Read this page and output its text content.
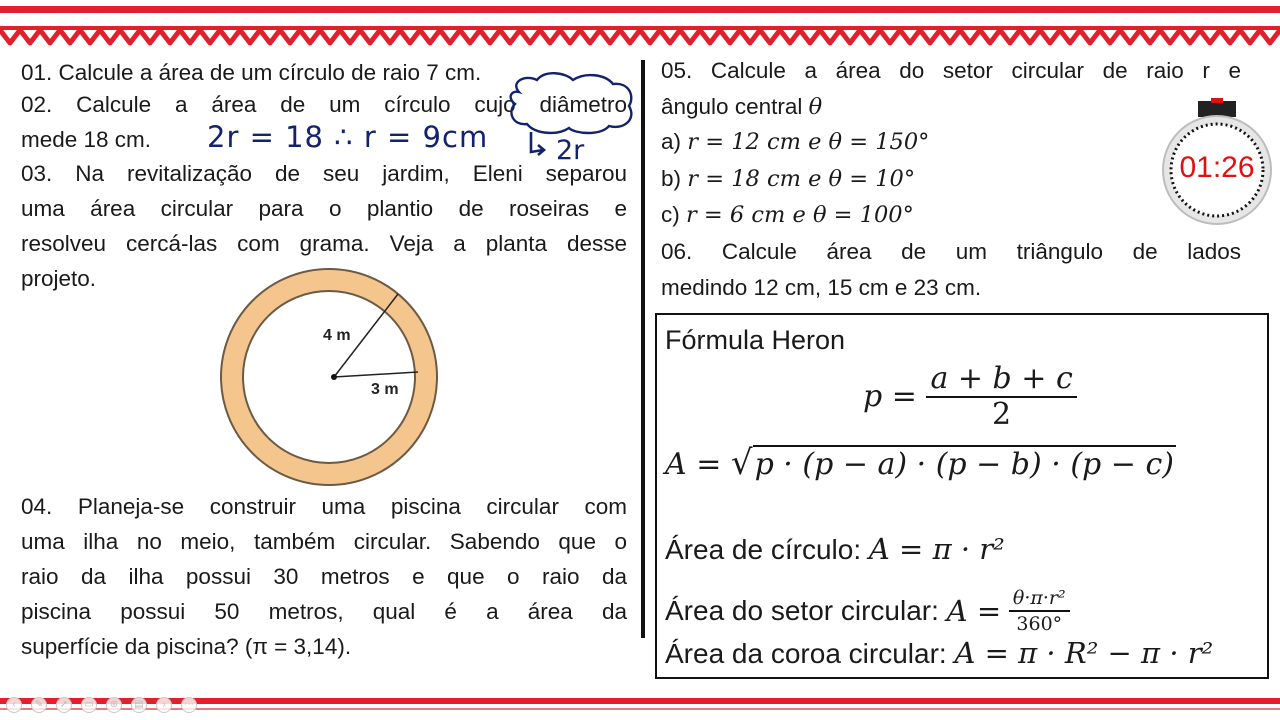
01. Calcule a área de um círculo de raio 7 cm.
02. Calcule a área de um círculo cujo diâmetro
mede 18 cm.	2r = 18 ∴ r = 9cm	2r
03. Na revitalização de seu jardim, Eleni separou
uma área circular para o plantio de roseiras e
resolveu cercá-las com grama. Veja a planta desse
projeto.
4 m
3 m
04. Planeja-se construir uma piscina circular com
uma ilha no meio, também circular. Sabendo que o
raio da ilha possui 30 metros e que o raio da
piscina possui 50 metros, qual é a área da
superfície da piscina? (π = 3,14).
05. Calcule a área do setor circular de raio r e
ângulo central θ
a) r = 12 cm e θ = 150°
b) r = 18 cm e θ = 10°
c) r = 6 cm e θ = 100°
06. Calcule área de um triângulo de lados
medindo 12 cm, 15 cm e 23 cm.
01:26
Fórmula Heron
$p = \frac{a + b + c}{2}$
A = √p · (p − a) · (p − b) · (p − c)
Área de círculo: A = π · r²
Área do setor circular: $A = \frac{\text{θ·π·r²}}{360^\circ}$
Área da coroa circular: A = π · R² − π · r²
‹	✎	➚	▭	⊕	▤	›	⋯
